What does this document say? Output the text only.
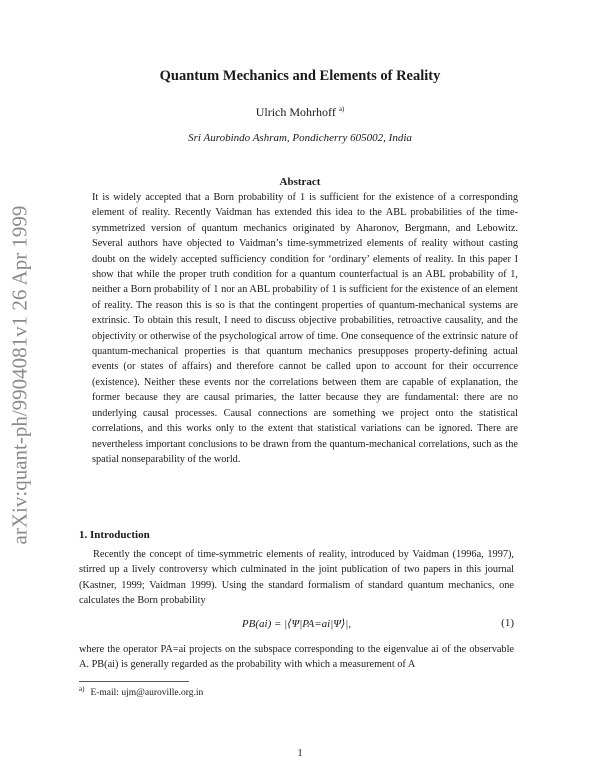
arXiv:quant-ph/9904081v1 26 Apr 1999
Quantum Mechanics and Elements of Reality
Ulrich Mohrhoff $^{a)}$
Sri Aurobindo Ashram, Pondicherry 605002, India
Abstract

It is widely accepted that a Born probability of 1 is sufficient for the existence of a corresponding element of reality. Recently Vaidman has extended this idea to the ABL probabilities of the time-symmetrized version of quantum mechanics originated by Aharonov, Bergmann, and Lebowitz. Several authors have objected to Vaidman’s time-symmetrized elements of reality without casting doubt on the widely accepted sufficiency condition for ‘ordinary’ elements of reality. In this paper I show that while the proper truth condition for a quantum counterfactual is an ABL probability of 1, neither a Born probability of 1 nor an ABL probability of 1 is sufficient for the existence of an element of reality. The reason this is so is that the contingent properties of quantum-mechanical systems are extrinsic. To obtain this result, I need to discuss objective probabilities, retroactive causality, and the objectivity or otherwise of the psychological arrow of time. One consequence of the extrinsic nature of quantum-mechanical properties is that quantum mechanics presupposes property-defining actual events (or states of affairs) and therefore cannot be called upon to account for their occurrence (existence). Neither these events nor the correlations between them are capable of explanation, the former because they are causal primaries, the latter because they are fundamental: there are no underlying causal processes. Causal connections are something we project onto the statistical correlations, and this works only to the extent that statistical variations can be ignored. There are nevertheless important conclusions to be drawn from the quantum-mechanical correlations, such as the spatial nonseparability of the world.

1. Introduction

Recently the concept of time-symmetric elements of reality, introduced by Vaidman (1996a, 1997), stirred up a lively controversy which culminated in the joint publication of two papers in this journal (Kastner, 1999; Vaidman 1999). Using the standard formalism of standard quantum mechanics, one calculates the Born probability

PB(ai) = |⟨Ψ|PA=ai|Ψ⟩|,	(1)

where the operator PA=ai projects on the subspace corresponding to the eigenvalue ai of the observable A. PB(ai) is generally regarded as the probability with which a measurement of A

$^{a)}$ E-mail: ujm@auroville.org.in
1
